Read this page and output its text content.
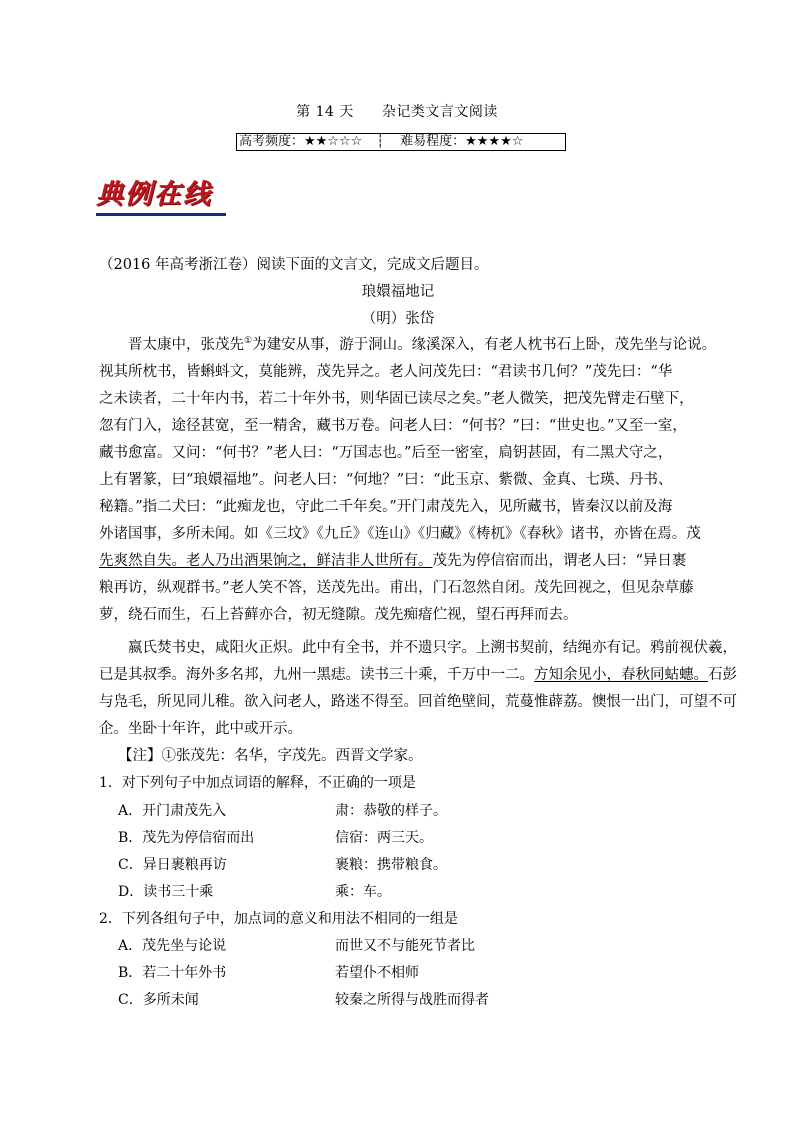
第 14 天 杂记类文言文阅读
高考频度：★★☆☆☆ ┆ 难易程度：★★★★☆
典例在线
（2016 年高考浙江卷）阅读下面的文言文，完成文后题目。
琅嬛福地记
（明）张岱
晋太康中，张茂先①为建安从事，游于洞山。缘溪深入，有老人枕书石上卧，茂先坐与论说。
视其所枕书，皆蝌蚪文，莫能辨，茂先异之。老人问茂先曰：“君读书几何？”茂先曰：“华
之未读者，二十年内书，若二十年外书，则华固已读尽之矣。”老人微笑，把茂先臂走石壁下，
忽有门入，途径甚宽，至一精舍，藏书万卷。问老人曰：“何书？”曰：“世史也。”又至一室，
藏书愈富。又问：“何书？”老人曰：“万国志也。”后至一密室，扃钥甚固，有二黑犬守之，
上有署篆，曰“琅嬛福地”。问老人曰：“何地？”曰：“此玉京、紫微、金真、七瑛、丹书、
秘籍。”指二犬曰：“此痴龙也，守此二千年矣。”开门肃茂先入，见所藏书，皆秦汉以前及海
外诸国事，多所未闻。如《三坟》《九丘》《连山》《归藏》《梼杌》《春秋》诸书，亦皆在焉。茂
先爽然自失。老人乃出酒果饷之，鲜洁非人世所有。茂先为停信宿而出，谓老人曰：“异日裹
粮再访，纵观群书。”老人笑不答，送茂先出。甫出，门石忽然自闭。茂先回视之，但见杂草藤
萝，绕石而生，石上苔藓亦合，初无缝隙。茂先痴瘖伫视，望石再拜而去。
嬴氏焚书史，咸阳火正炽。此中有全书，并不遗只字。上溯书契前，结绳亦有记。鸦前视伏羲，
已是其叔季。海外多名邦，九州一黑痣。读书三十乘，千万中一二。方知余见小，春秋同蛄蟪。石彭
与凫毛，所见同儿稚。欲入问老人，路迷不得至。回首绝壁间，荒蔓惟薜荔。懊恨一出门，可望不可
企。坐卧十年许，此中或开示。
【注】①张茂先：名华，字茂先。西晋文学家。
1．对下列句子中加点词语的解释，不正确的一项是
A．开门肃茂先入	肃：恭敬的样子。
B．茂先为停信宿而出	信宿：两三天。
C．异日裹粮再访	裹粮：携带粮食。
D．读书三十乘	乘：车。
2．下列各组句子中，加点词的意义和用法不相同的一组是
A．茂先坐与论说	而世又不与能死节者比
B．若二十年外书	若望仆不相师
C．多所未闻	较秦之所得与战胜而得者
